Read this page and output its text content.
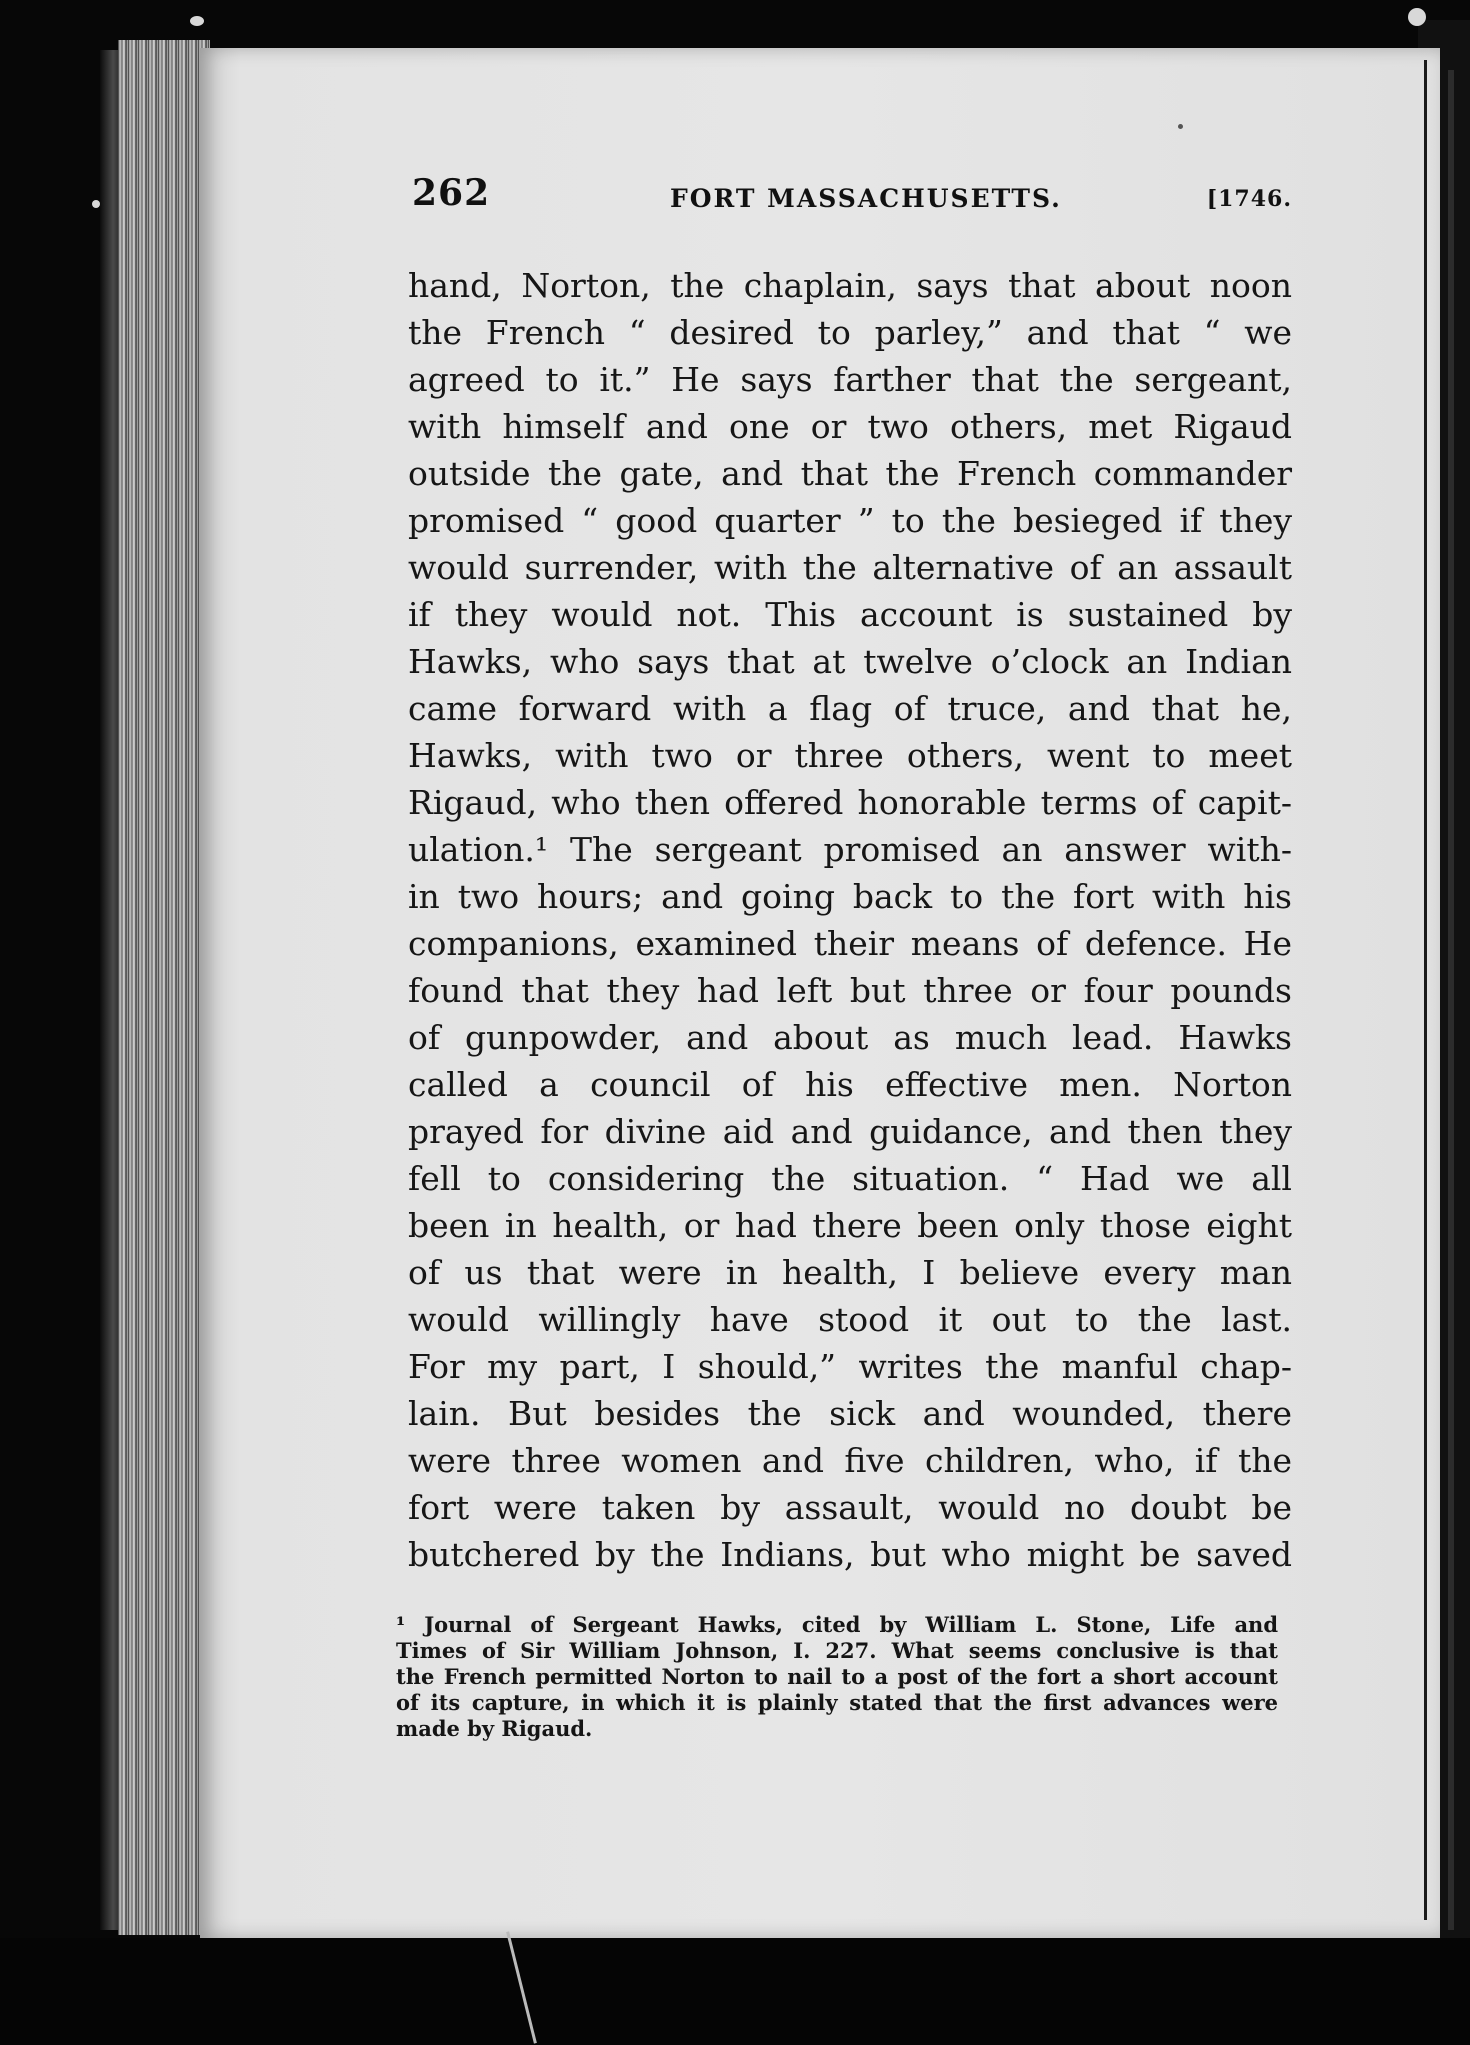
262	FORT MASSACHUSETTS.	[1746.
hand, Norton, the chaplain, says that about noon
the French “ desired to parley,” and that “ we
agreed to it.” He says farther that the sergeant,
with himself and one or two others, met Rigaud
outside the gate, and that the French commander
promised “ good quarter ” to the besieged if they
would surrender, with the alternative of an assault
if they would not. This account is sustained by
Hawks, who says that at twelve o’clock an Indian
came forward with a flag of truce, and that he,
Hawks, with two or three others, went to meet
Rigaud, who then offered honorable terms of capit-
ulation.¹ The sergeant promised an answer with-
in two hours; and going back to the fort with his
companions, examined their means of defence. He
found that they had left but three or four pounds
of gunpowder, and about as much lead. Hawks
called a council of his effective men. Norton
prayed for divine aid and guidance, and then they
fell to considering the situation. “ Had we all
been in health, or had there been only those eight
of us that were in health, I believe every man
would willingly have stood it out to the last.
For my part, I should,” writes the manful chap-
lain. But besides the sick and wounded, there
were three women and five children, who, if the
fort were taken by assault, would no doubt be
butchered by the Indians, but who might be saved
¹ Journal of Sergeant Hawks, cited by William L. Stone, Life and
Times of Sir William Johnson, I. 227. What seems conclusive is that
the French permitted Norton to nail to a post of the fort a short account
of its capture, in which it is plainly stated that the first advances were
made by Rigaud.
